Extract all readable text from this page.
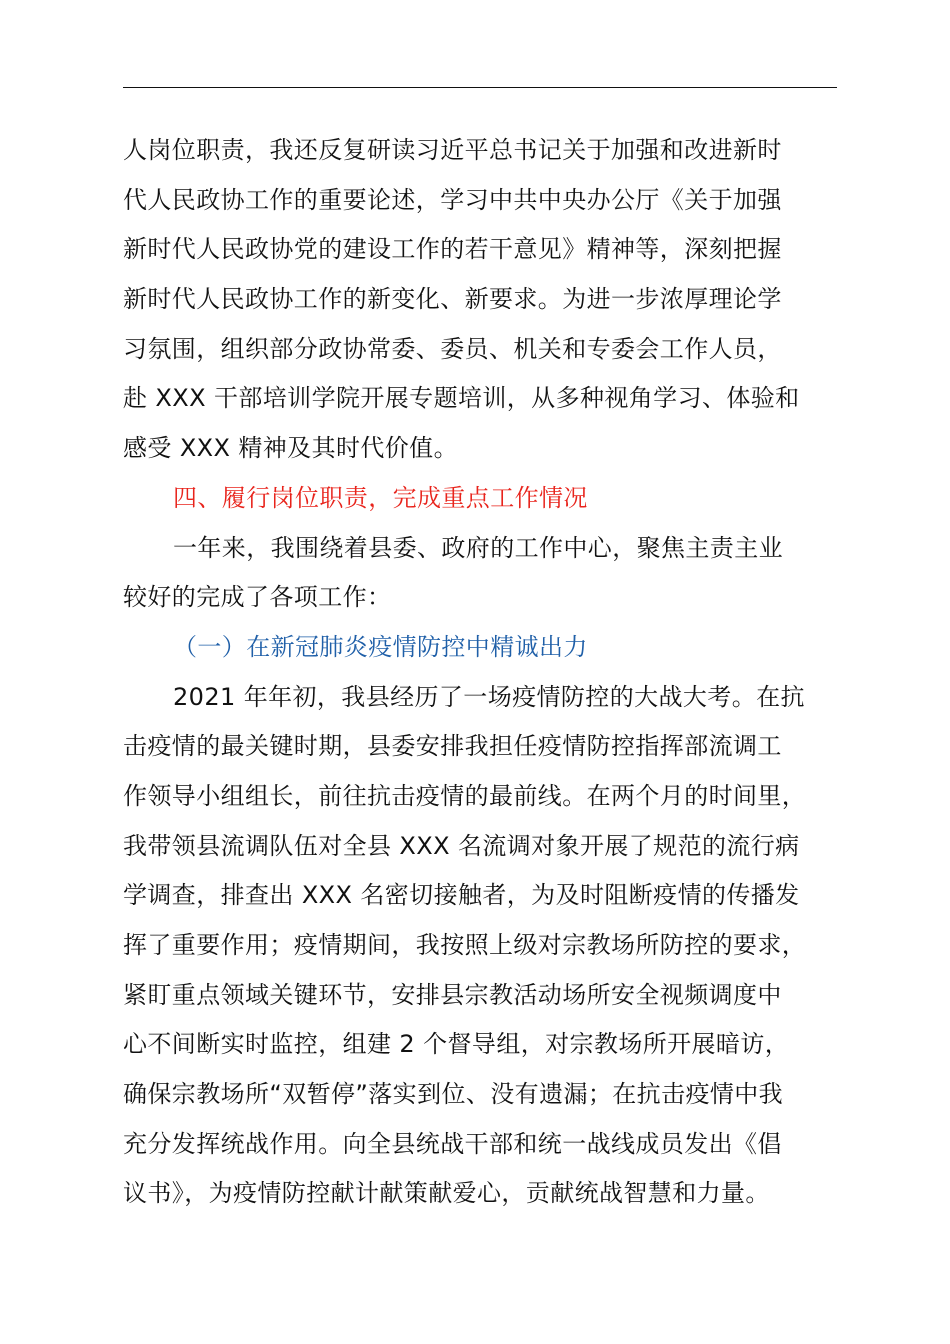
人岗位职责，我还反复研读习近平总书记关于加强和改进新时
代人民政协工作的重要论述，学习中共中央办公厅《关于加强
新时代人民政协党的建设工作的若干意见》精神等，深刻把握
新时代人民政协工作的新变化、新要求。为进一步浓厚理论学
习氛围，组织部分政协常委、委员、机关和专委会工作人员，
赴 XXX 干部培训学院开展专题培训，从多种视角学习、体验和
感受 XXX 精神及其时代价值。
四、履行岗位职责，完成重点工作情况
一年来，我围绕着县委、政府的工作中心，聚焦主责主业
较好的完成了各项工作：
（一）在新冠肺炎疫情防控中精诚出力
2021 年年初，我县经历了一场疫情防控的大战大考。在抗
击疫情的最关键时期，县委安排我担任疫情防控指挥部流调工
作领导小组组长，前往抗击疫情的最前线。在两个月的时间里，
我带领县流调队伍对全县 XXX 名流调对象开展了规范的流行病
学调查，排查出 XXX 名密切接触者，为及时阻断疫情的传播发
挥了重要作用；疫情期间，我按照上级对宗教场所防控的要求，
紧盯重点领域关键环节，安排县宗教活动场所安全视频调度中
心不间断实时监控，组建 2 个督导组，对宗教场所开展暗访，
确保宗教场所“双暂停”落实到位、没有遗漏；在抗击疫情中我
充分发挥统战作用。向全县统战干部和统一战线成员发出《倡
议书》，为疫情防控献计献策献爱心，贡献统战智慧和力量。
